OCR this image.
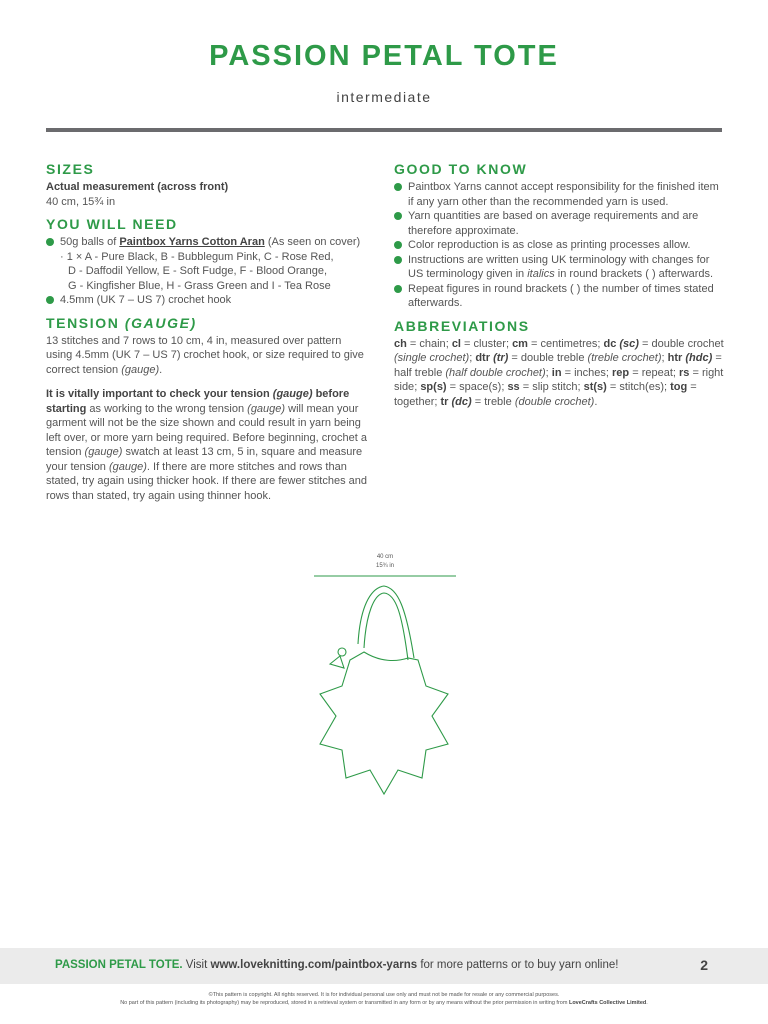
PASSION PETAL TOTE
intermediate
SIZES

Actual measurement (across front)

40 cm, 15¾ in

YOU WILL NEED
50g balls of Paintbox Yarns Cotton Aran (As seen on cover)
· 1 × A - Pure Black, B - Bubblegum Pink, C - Rose Red,
D - Daffodil Yellow, E - Soft Fudge, F - Blood Orange,
G - Kingfisher Blue, H - Grass Green and I - Tea Rose
4.5mm (UK 7 – US 7) crochet hook
TENSION (GAUGE)

13 stitches and 7 rows to 10 cm, 4 in, measured over pattern using 4.5mm (UK 7 – US 7) crochet hook, or size required to give correct tension (gauge).

It is vitally important to check your tension (gauge) before starting as working to the wrong tension (gauge) will mean your garment will not be the size shown and could result in yarn being left over, or more yarn being required. Before beginning, crochet a tension (gauge) swatch at least 13 cm, 5 in, square and measure your tension (gauge). If there are more stitches and rows than stated, try again using thicker hook. If there are fewer stitches and rows than stated, try again using thinner hook.

GOOD TO KNOW
Paintbox Yarns cannot accept responsibility for the finished item if any yarn other than the recommended yarn is used.
Yarn quantities are based on average requirements and are therefore approximate.
Color reproduction is as close as printing processes allow.
Instructions are written using UK terminology with changes for US terminology given in italics in round brackets ( ) afterwards.
Repeat figures in round brackets ( ) the number of times stated afterwards.
ABBREVIATIONS

ch = chain; cl = cluster; cm = centimetres; dc (sc) = double crochet (single crochet); dtr (tr) = double treble (treble crochet); htr (hdc) = half treble (half double crochet); in = inches; rep = repeat; rs = right side; sp(s) = space(s); ss = slip stitch; st(s) = stitch(es); tog = together; tr (dc) = treble (double crochet).

40 cm
15¾ in
PASSION PETAL TOTE. Visit www.loveknitting.com/paintbox-yarns for more patterns or to buy yarn online!	2
©This pattern is copyright. All rights reserved. It is for individual personal use only and must not be made for resale or any commercial purposes.
No part of this pattern (including its photography) may be reproduced, stored in a retrieval system or transmitted in any form or by any means without the prior permission in writing from LoveCrafts Collective Limited.
